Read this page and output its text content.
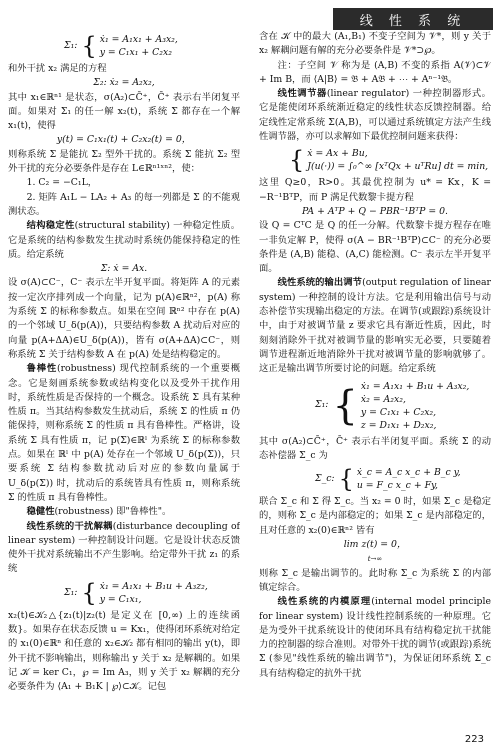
线 性 系 统
Σ₁: { ẋ₁ = A₁x₁ + A₃x₂,
y = C₁x₁ + C₂x₂

和外干扰 x₂ 满足的方程

Σ₂: ẋ₂ = A₂x₂,

其中 x₁∈ℝⁿ¹ 是状态，σ(A₂)⊂C̄⁺，C̄⁺ 表示右半闭复平面。如果对 Σ₁ 的任一解 x₂(t)，系统 Σ 都存在一个解 x₁(t)，使得

y(t) = C₁x₁(t) + C₂x₂(t) = 0，

则称系统 Σ 是能抗 Σ₂ 型外干扰的。系统 Σ 能抗 Σ₂ 型外干扰的充分必要条件是存在 L∈ℝⁿ¹ˣⁿ²，使：

1. C₂ = −C₁L，

2. 矩阵 A₁L − LA₂ + A₃ 的每一列都是 Σ 的不能观测状态。

结构稳定性(structural stability) 一种稳定性质。它是系统的结构参数发生扰动时系统仍能保持稳定的性质。给定系统

Σ: ẋ = Ax.

设 σ(A)⊂C⁻，C⁻ 表示左半开复平面。将矩阵 A 的元素按一定次序排列成一个向量，记为 p(A)∈ℝⁿ²，p(A) 称为系统 Σ 的标称参数点。如果在空间 ℝⁿ² 中存在 p(A) 的一个邻域 U_δ(p(A))，只要结构参数 A 扰动后对应的向量 p(A+ΔA)∈U_δ(p(A))，皆有 σ(A+ΔA)⊂C⁻，则称系统 Σ 关于结构参数 A 在 p(A) 处是结构稳定的。

鲁棒性(robustness) 现代控制系统的一个重要概念。它是刻画系统参数或结构变化以及受外干扰作用时，系统性质是否保持的一个概念。设系统 Σ 具有某种性质 π。当其结构参数发生扰动后，系统 Σ 的性质 π 仍能保持，则称系统 Σ 的性质 π 具有鲁棒性。严格讲，设系统 Σ 具有性质 π，记 p(Σ)∈ℝˡ 为系统 Σ 的标称参数点。如果在 ℝˡ 中 p(A) 处存在一个邻域 U_δ(p(Σ))，只要系统 Σ 结构参数扰动后对应的参数向量属于 U_δ(p(Σ)) 时，扰动后的系统皆具有性质 π，则称系统 Σ 的性质 π 具有鲁棒性。

稳健性(robustness) 即"鲁棒性"。

线性系统的干扰解耦(disturbance decoupling of linear system) 一种控制设计问题。它是设计状态反馈使外干扰对系统输出不产生影响。给定带外干扰 z₁ 的系统

Σ₁: { ẋ₁ = A₁x₁ + B₁u + A₃z₂,
y = C₁x₁,

x₂(t)∈𝒦₂△{z₁(t)|z₂(t) 是定义在 [0,∞) 上的连续函数}。如果存在状态反馈 u = Kx₁，使得闭环系统对给定的 x₁(0)∈ℝⁿ 和任意的 x₂∈𝒦₂ 都有相同的输出 y(t)，即外干扰不影响输出，则称输出 y 关于 x₂ 是解耦的。如果记 𝒦 = ker C₁，℘ = Im A₃，则 y 关于 x₂ 解耦的充分必要条件为 ⟨A₁ + B₁K | ℘⟩⊂𝒦。记包

含在 𝒦 中的最大 (A₁,B₁) 不变子空间为 𝒱*，则 y 关于 x₂ 解耦问题有解的充分必要条件是 𝒱*⊃℘。

注：子空间 𝒱 称为是 (A,B) 不变的系指 A(𝒱)⊂𝒱 + Im B，而 ⟨A|B⟩ = 𝔅 + A𝔅 + ⋯ + Aⁿ⁻¹𝔅。

线性调节器(linear regulator) 一种控制器形式。它是能使闭环系统渐近稳定的线性状态反馈控制器。给定线性定常系统 Σ(A,B)，可以通过系统镇定方法产生线性调节器，亦可以求解如下最优控制问题来获得：

{ ẋ = Ax + Bu,
J(u(·)) = ∫₀^∞ [xᵀQx + uᵀRu] dt = min,

这里 Q≥0，R>0。其最优控制为 u* = Kx，K = −R⁻¹BᵀP，而 P 满足代数黎卡提方程

PA + AᵀP + Q − PBR⁻¹BᵀP = 0.

设 Q = CᵀC 是 Q 的任一分解。代数黎卡提方程存在唯一非负定解 P，使得 σ(A − BR⁻¹BᵀP)⊂C⁻ 的充分必要条件是 (A,B) 能稳、(A,C) 能检测。C⁻ 表示左半开复平面。

线性系统的输出调节(output regulation of linear system) 一种控制的设计方法。它是利用输出信号与动态补偿节实现输出稳定的方法。在调节(或跟踪)系统设计中，由于对被调节量 z 要求它具有渐近性质，因此，时刻刻消除外干扰对被调节量的影响实无必要，只要随着调节进程渐近地消除外干扰对被调节量的影响就够了。这正是输出调节所要讨论的问题。给定系统

Σ₁: { ẋ₁ = A₁x₁ + B₁u + A₃x₂,
ẋ₂ = A₂x₂,
y = C₁x₁ + C₂x₂,
z = D₁x₁ + D₂x₂,

其中 σ(A₂)⊂C̄⁺，C̄⁺ 表示右半闭复平面。系统 Σ 的动态补偿器 Σ_c 为

Σ_c: { ẋ_c = A_c x_c + B_c y,
u = F_c x_c + Fy,

联合 Σ_c 和 Σ 得 Σ_c。当 x₂ = 0 时，如果 Σ_c 是稳定的，则称 Σ_c 是内部稳定的；如果 Σ_c 是内部稳定的，且对任意的 x₂(0)∈ℝⁿ² 皆有

lim z(t) = 0，
t→∞

则称 Σ_c 是输出调节的。此时称 Σ_c 为系统 Σ 的内部镇定综合。

线性系统的内模原理(internal model principle for linear system) 设计线性控制系统的一种原理。它是为受外干扰系统设计的使闭环具有结构稳定抗干扰能力的控制器的综合准则。对带外干扰的调节(或跟踪)系统 Σ (参见"线性系统的输出调节")，为保证闭环系统 Σ_c 具有结构稳定的抗外干扰

223
